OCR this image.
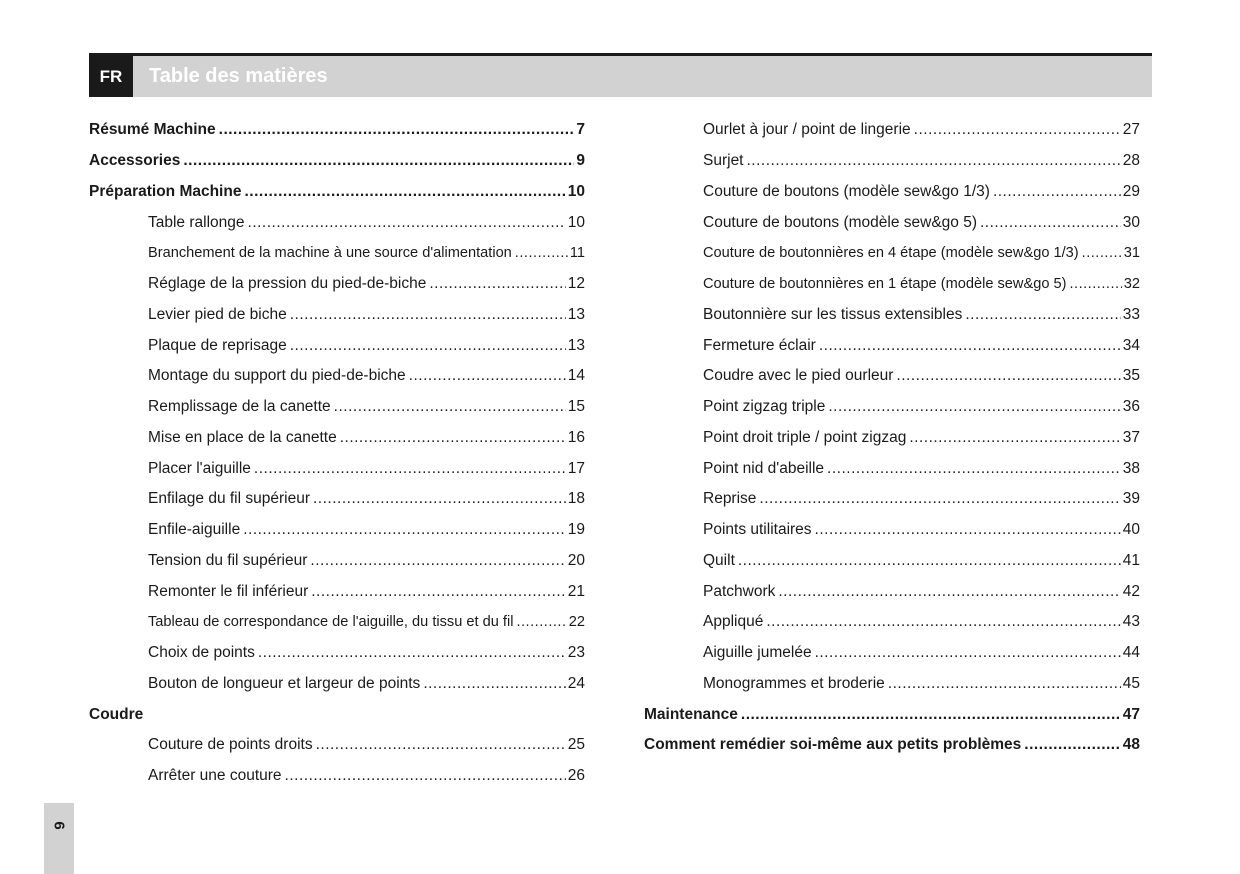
FR	Table des matières
Résumé Machine .....	7
Accessories .....	9
Préparation Machine .....	10
Table rallonge .....	10
Branchement de la machine à une source d'alimentation .....	11
Réglage de la pression du pied-de-biche .....	12
Levier pied de biche .....	13
Plaque de reprisage .....	13
Montage du support du pied-de-biche .....	14
Remplissage de la canette .....	15
Mise en place de la canette .....	16
Placer l'aiguille .....	17
Enfilage du fil supérieur .....	18
Enfile-aiguille .....	19
Tension du fil supérieur .....	20
Remonter le fil inférieur .....	21
Tableau de correspondance de l'aiguille, du tissu et du fil .....	22
Choix de points .....	23
Bouton de longueur et largeur de points .....	24
Coudre
Couture de points droits .....	25
Arrêter une couture .....	26
Ourlet à jour / point de lingerie .....	27
Surjet .....	28
Couture de boutons (modèle sew&go 1/3) .....	29
Couture de boutons (modèle sew&go 5) .....	30
Couture de boutonnières en 4 étape (modèle sew&go 1/3) .....	31
Couture de boutonnières en 1 étape (modèle sew&go 5) .....	32
Boutonnière sur les tissus extensibles .....	33
Fermeture éclair .....	34
Coudre avec le pied ourleur .....	35
Point zigzag triple .....	36
Point droit triple / point zigzag .....	37
Point nid d'abeille .....	38
Reprise .....	39
Points utilitaires .....	40
Quilt .....	41
Patchwork .....	42
Appliqué .....	43
Aiguille jumelée .....	44
Monogrammes et broderie .....	45
Maintenance .....	47
Comment remédier soi-même aux petits problèmes .....	48
6
